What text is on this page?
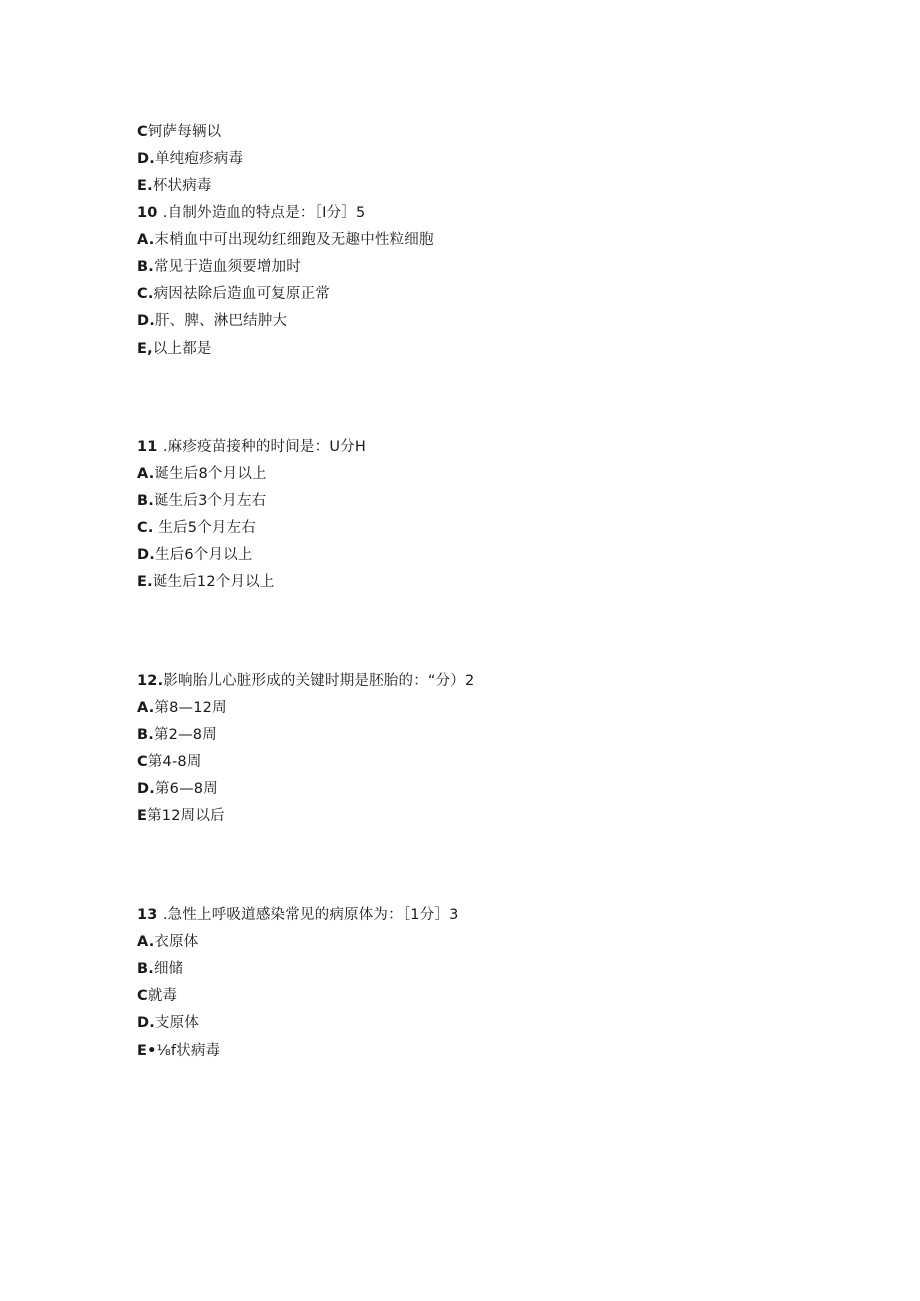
C钶萨每辆以
D.单纯疱疹病毒
E.杯状病毒
10 .自制外造血的特点是：［I分］5
A.末梢血中可出现幼红细跑及无趣中性粒细胞
B.常见于造血须要增加时
C.病因祛除后造血可复原正常
D.肝、脾、淋巴结肿大
E,以上都是
11 .麻疹疫苗接种的时间是：U分H
A.诞生后8个月以上
B.诞生后3个月左右
C. 生后5个月左右
D.生后6个月以上
E.诞生后12个月以上
12.影响胎儿心脏形成的关键时期是胚胎的：“分）2
A.第8—12周
B.第2—8周
C第4-8周
D.第6—8周
E第12周以后
13 .急性上呼吸道感染常见的病原体为：［1分］3
A.衣原体
B.细储
C就毒
D.支原体
E•⅛f状病毒
